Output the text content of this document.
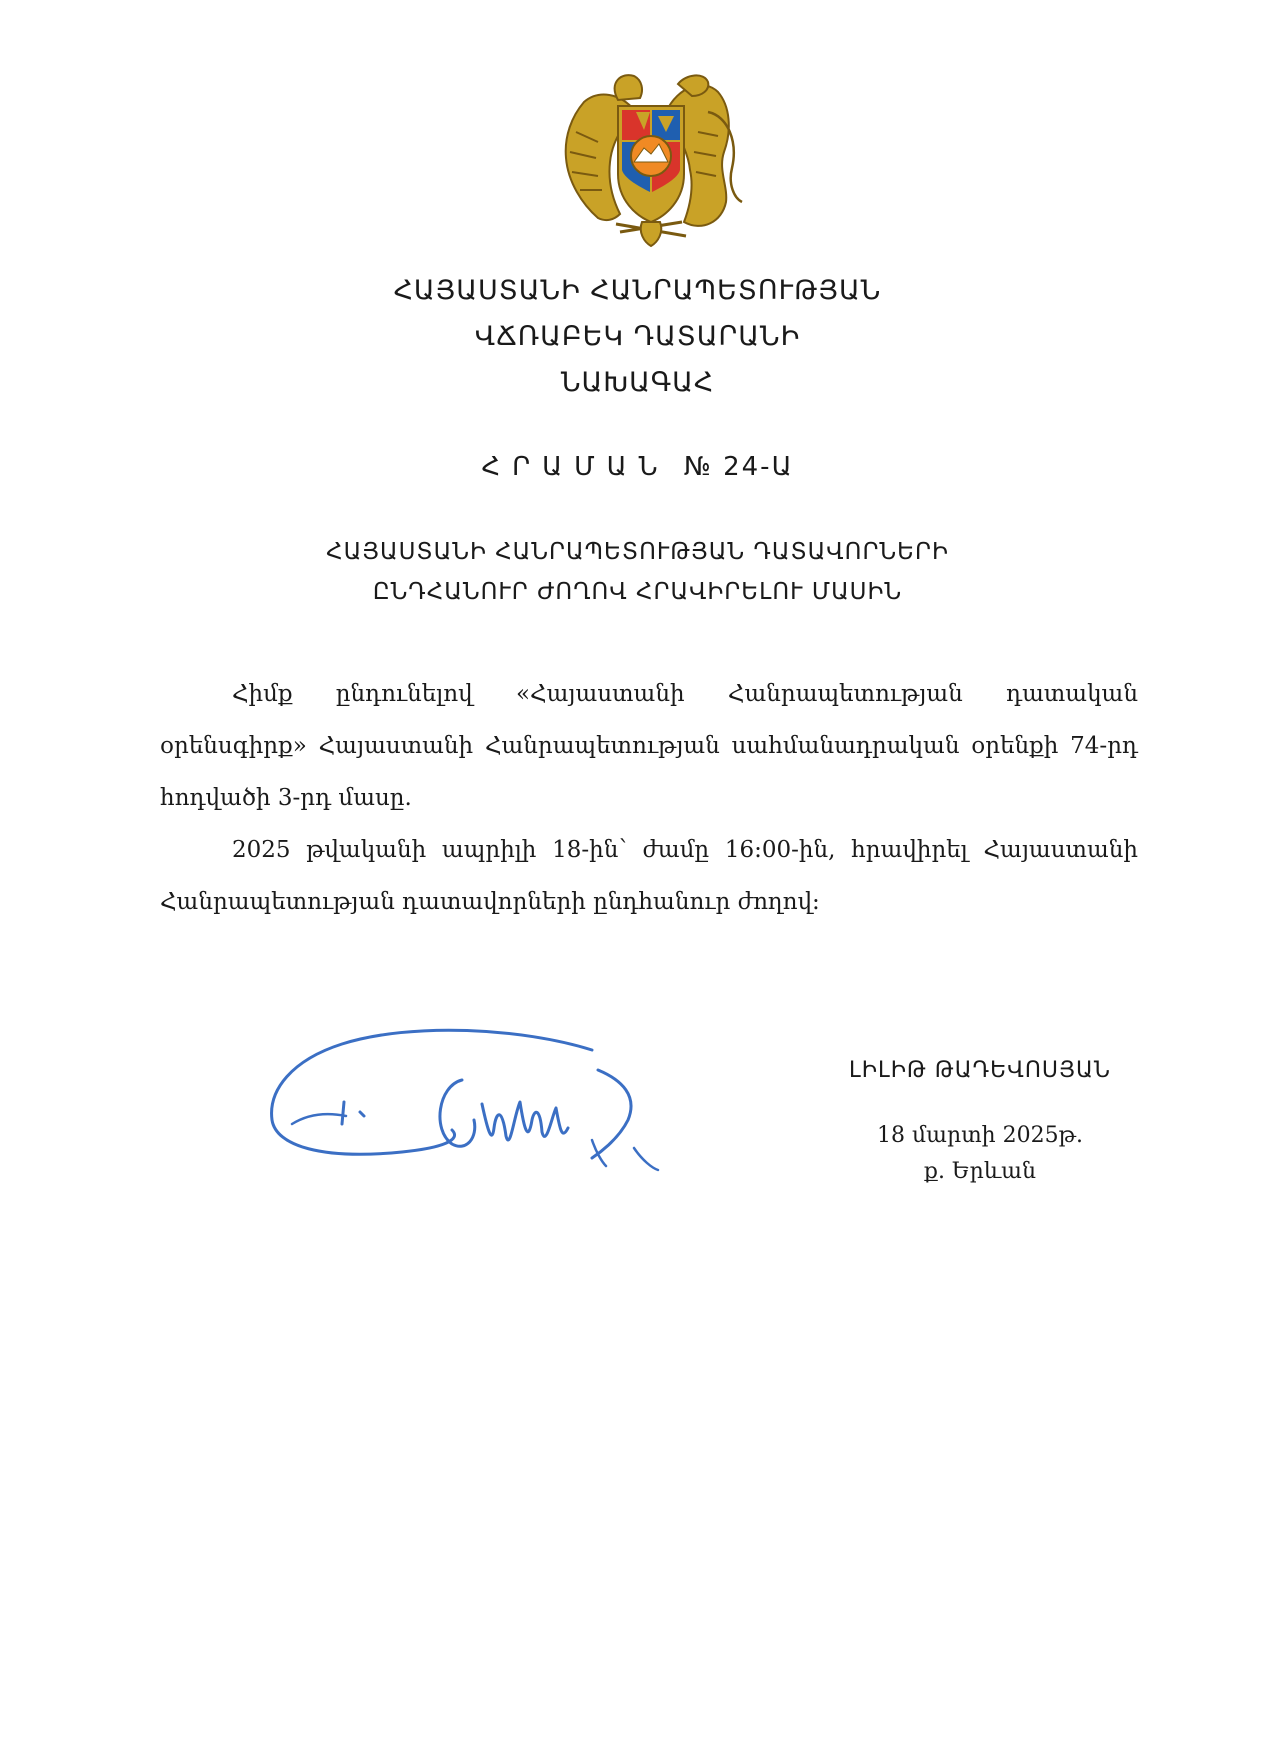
ՀԱՅԱՍՏԱՆԻ ՀԱՆՐԱՊԵՏՈՒԹՅԱՆ
ՎՃՌԱԲԵԿ ԴԱՏԱՐԱՆԻ
ՆԱԽԱԳԱՀ
ՀՐԱՄԱՆ № 24-Ա
ՀԱՅԱՍՏԱՆԻ ՀԱՆՐԱՊԵՏՈՒԹՅԱՆ ԴԱՏԱՎՈՐՆԵՐԻ
ԸՆԴՀԱՆՈՒՐ ԺՈՂՈՎ ՀՐԱՎԻՐԵԼՈՒ ՄԱՍԻՆ

Հիմք ընդունելով «Հայաստանի Հանրապետության դատական օրենսգիրք» Հայաստանի Հանրապետության սահմանադրական օրենքի 74-րդ հոդվածի 3-րդ մասը.

2025 թվականի ապրիլի 18-ին՝ ժամը 16:00-ին, հրավիրել Հայաստանի Հանրապետության դատավորների ընդհանուր ժողով:

ԼԻԼԻԹ ԹԱԴԵՎՈՍՅԱՆ
18 մարտի 2025թ.
ք. Երևան
